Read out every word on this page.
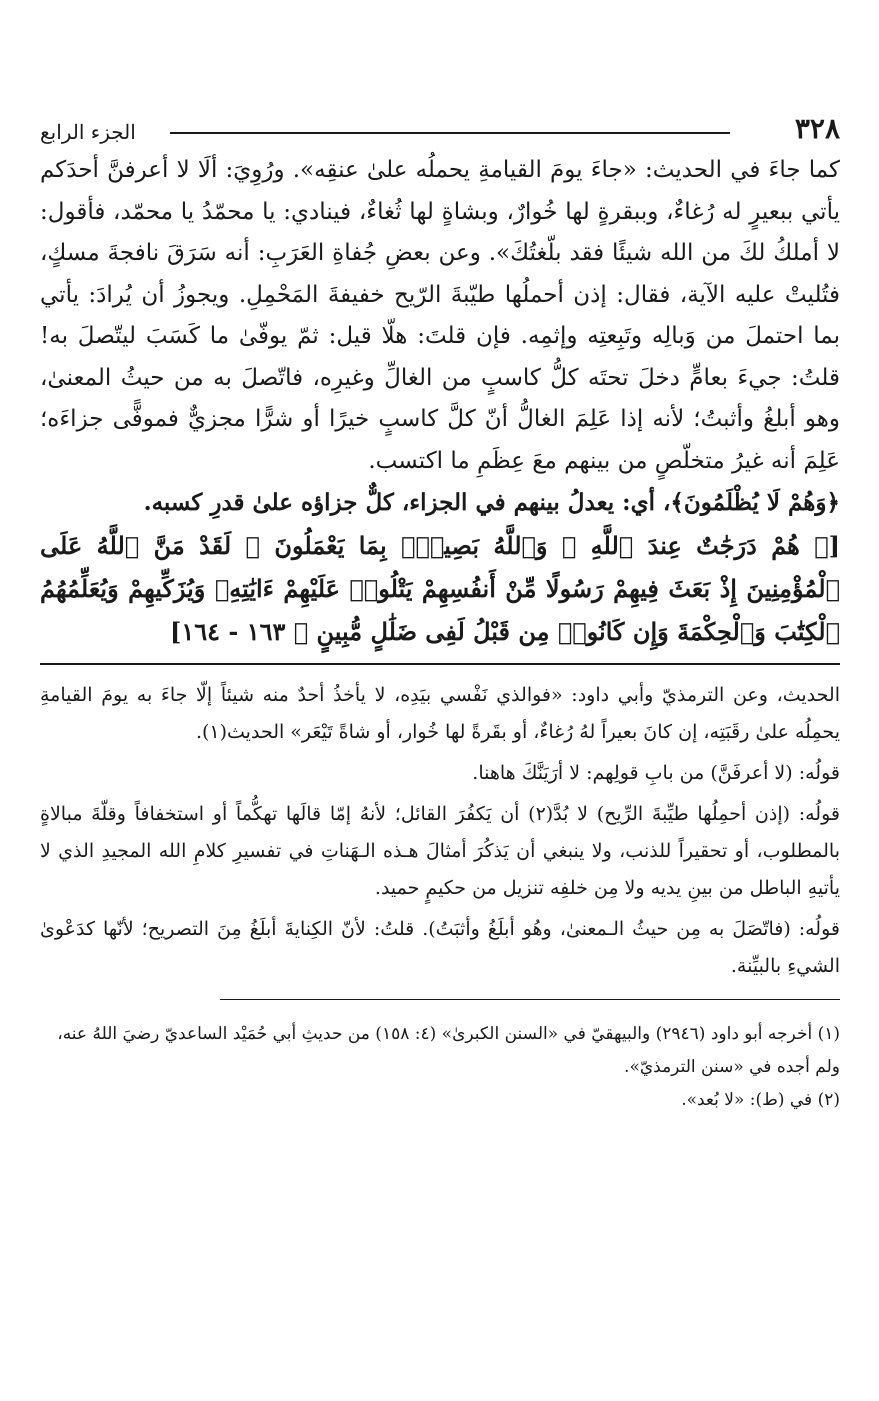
٣٢٨
الجزء الرابع

كما جاءَ في الحديث: «جاءَ يومَ القيامةِ يحملُه علىٰ عنقِه». ورُوِيَ: ألَا لا أعرفنَّ أحدَكم يأتي ببعيرٍ له رُغاءٌ، وببقرةٍ لها خُوارٌ، وبشاةٍ لها ثُغاءٌ، فينادي: يا محمّدُ يا محمّد، فأقول: لا أملكُ لكَ من الله شيئًا فقد بلّغتُكَ». وعن بعضِ جُفاةِ العَرَبِ: أنه سَرَقَ نافجةَ مسكٍ، فتُليتْ عليه الآية، فقال: إذن أحملُها طيّبةَ الرّيح خفيفةَ المَحْمِلِ. ويجوزُ أن يُرادَ: يأتي بما احتملَ من وَبالِه وتَبِعتِه وإثمِه. فإن قلتَ: هلّا قيل: ثمّ يوفّىٰ ما كَسَبَ ليتّصلَ به! قلتُ: جيءَ بعامٍّ دخلَ تحتَه كلُّ كاسبٍ من الغالِّ وغيرِه، فاتّصلَ به من حيثُ المعنىٰ، وهو أبلغُ وأثبتُ؛ لأنه إذا عَلِمَ الغالُّ أنّ كلَّ كاسبٍ خيرًا أو شرًّا مجزيٌّ فموفًّى جزاءَه؛ عَلِمَ أنه غيرُ متخلّصٍ من بينهم معَ عِظَمِ ما اكتسب.

﴿وَهُمْ لَا يُظْلَمُونَ﴾، أي: يعدلُ بينهم في الجزاء، كلٌّ جزاؤه علىٰ قدرِ كسبه.

[﴿ هُمْ دَرَجَٰتٌ عِندَ ٱللَّهِ ۗ وَٱللَّهُ بَصِيرٌۢ بِمَا يَعْمَلُونَ ۞ لَقَدْ مَنَّ ٱللَّهُ عَلَى ٱلْمُؤْمِنِينَ إِذْ بَعَثَ فِيهِمْ رَسُولًا مِّنْ أَنفُسِهِمْ يَتْلُوا۟ عَلَيْهِمْ ءَايَٰتِهِۦ وَيُزَكِّيهِمْ وَيُعَلِّمُهُمُ ٱلْكِتَٰبَ وَٱلْحِكْمَةَ وَإِن كَانُوا۟ مِن قَبْلُ لَفِى ضَلَٰلٍ مُّبِينٍ ﴾ ١٦٣ - ١٦٤]

الحديث، وعن الترمذيّ وأبي داود: «فوالذي نَفْسي بيَدِه، لا يأخذُ أحدٌ منه شيئاً إلّا جاءَ به يومَ القيامةِ يحمِلُه علىٰ رقَبَتِه، إن كانَ بعيراً لهُ رُغاءٌ، أو بقَرةً لها خُوار، أو شاةً تَيْعَر» الحديث(١).

قولُه: (لا أعرفَنَّ) من بابِ قولِهم: لا أرَيَنَّكَ هاهنا.

قولُه: (إذن أحمِلُها طيِّبةَ الرِّيح) لا بُدَّ(٢) أن يَكفُرَ القائل؛ لأنهُ إمّا قالَها تهكُّماً أو استخفافاً وقلّةَ مبالاةٍ بالمطلوب، أو تحقيراً للذنب، ولا ينبغي أن يَذكُرَ أمثالَ هـذه الـهَناتِ في تفسيرِ كلامِ الله المجيدِ الذي لا يأتيهِ الباطل من بينِ يديه ولا مِن خلفِه تنزيل من حكيمٍ حميد.

قولُه: (فاتّصَلَ به مِن حيثُ الـمعنىٰ، وهُو أبلَغُ وأثبَتُ). قلتُ: لأنّ الكِنايةَ أبلَغُ مِنَ التصريح؛ لأنّها كدَعْوىٰ الشيءِ بالبيِّنة.

(١) أخرجه أبو داود (٢٩٤٦) والبيهقيّ في «السنن الكبرىٰ» (٤: ١٥٨) من حديثِ أبي حُمَيْد الساعديّ رضيَ اللهُ عنه، ولم أجده في «سنن الترمذيّ».

(٢) في (ط): «لا بُعد».
